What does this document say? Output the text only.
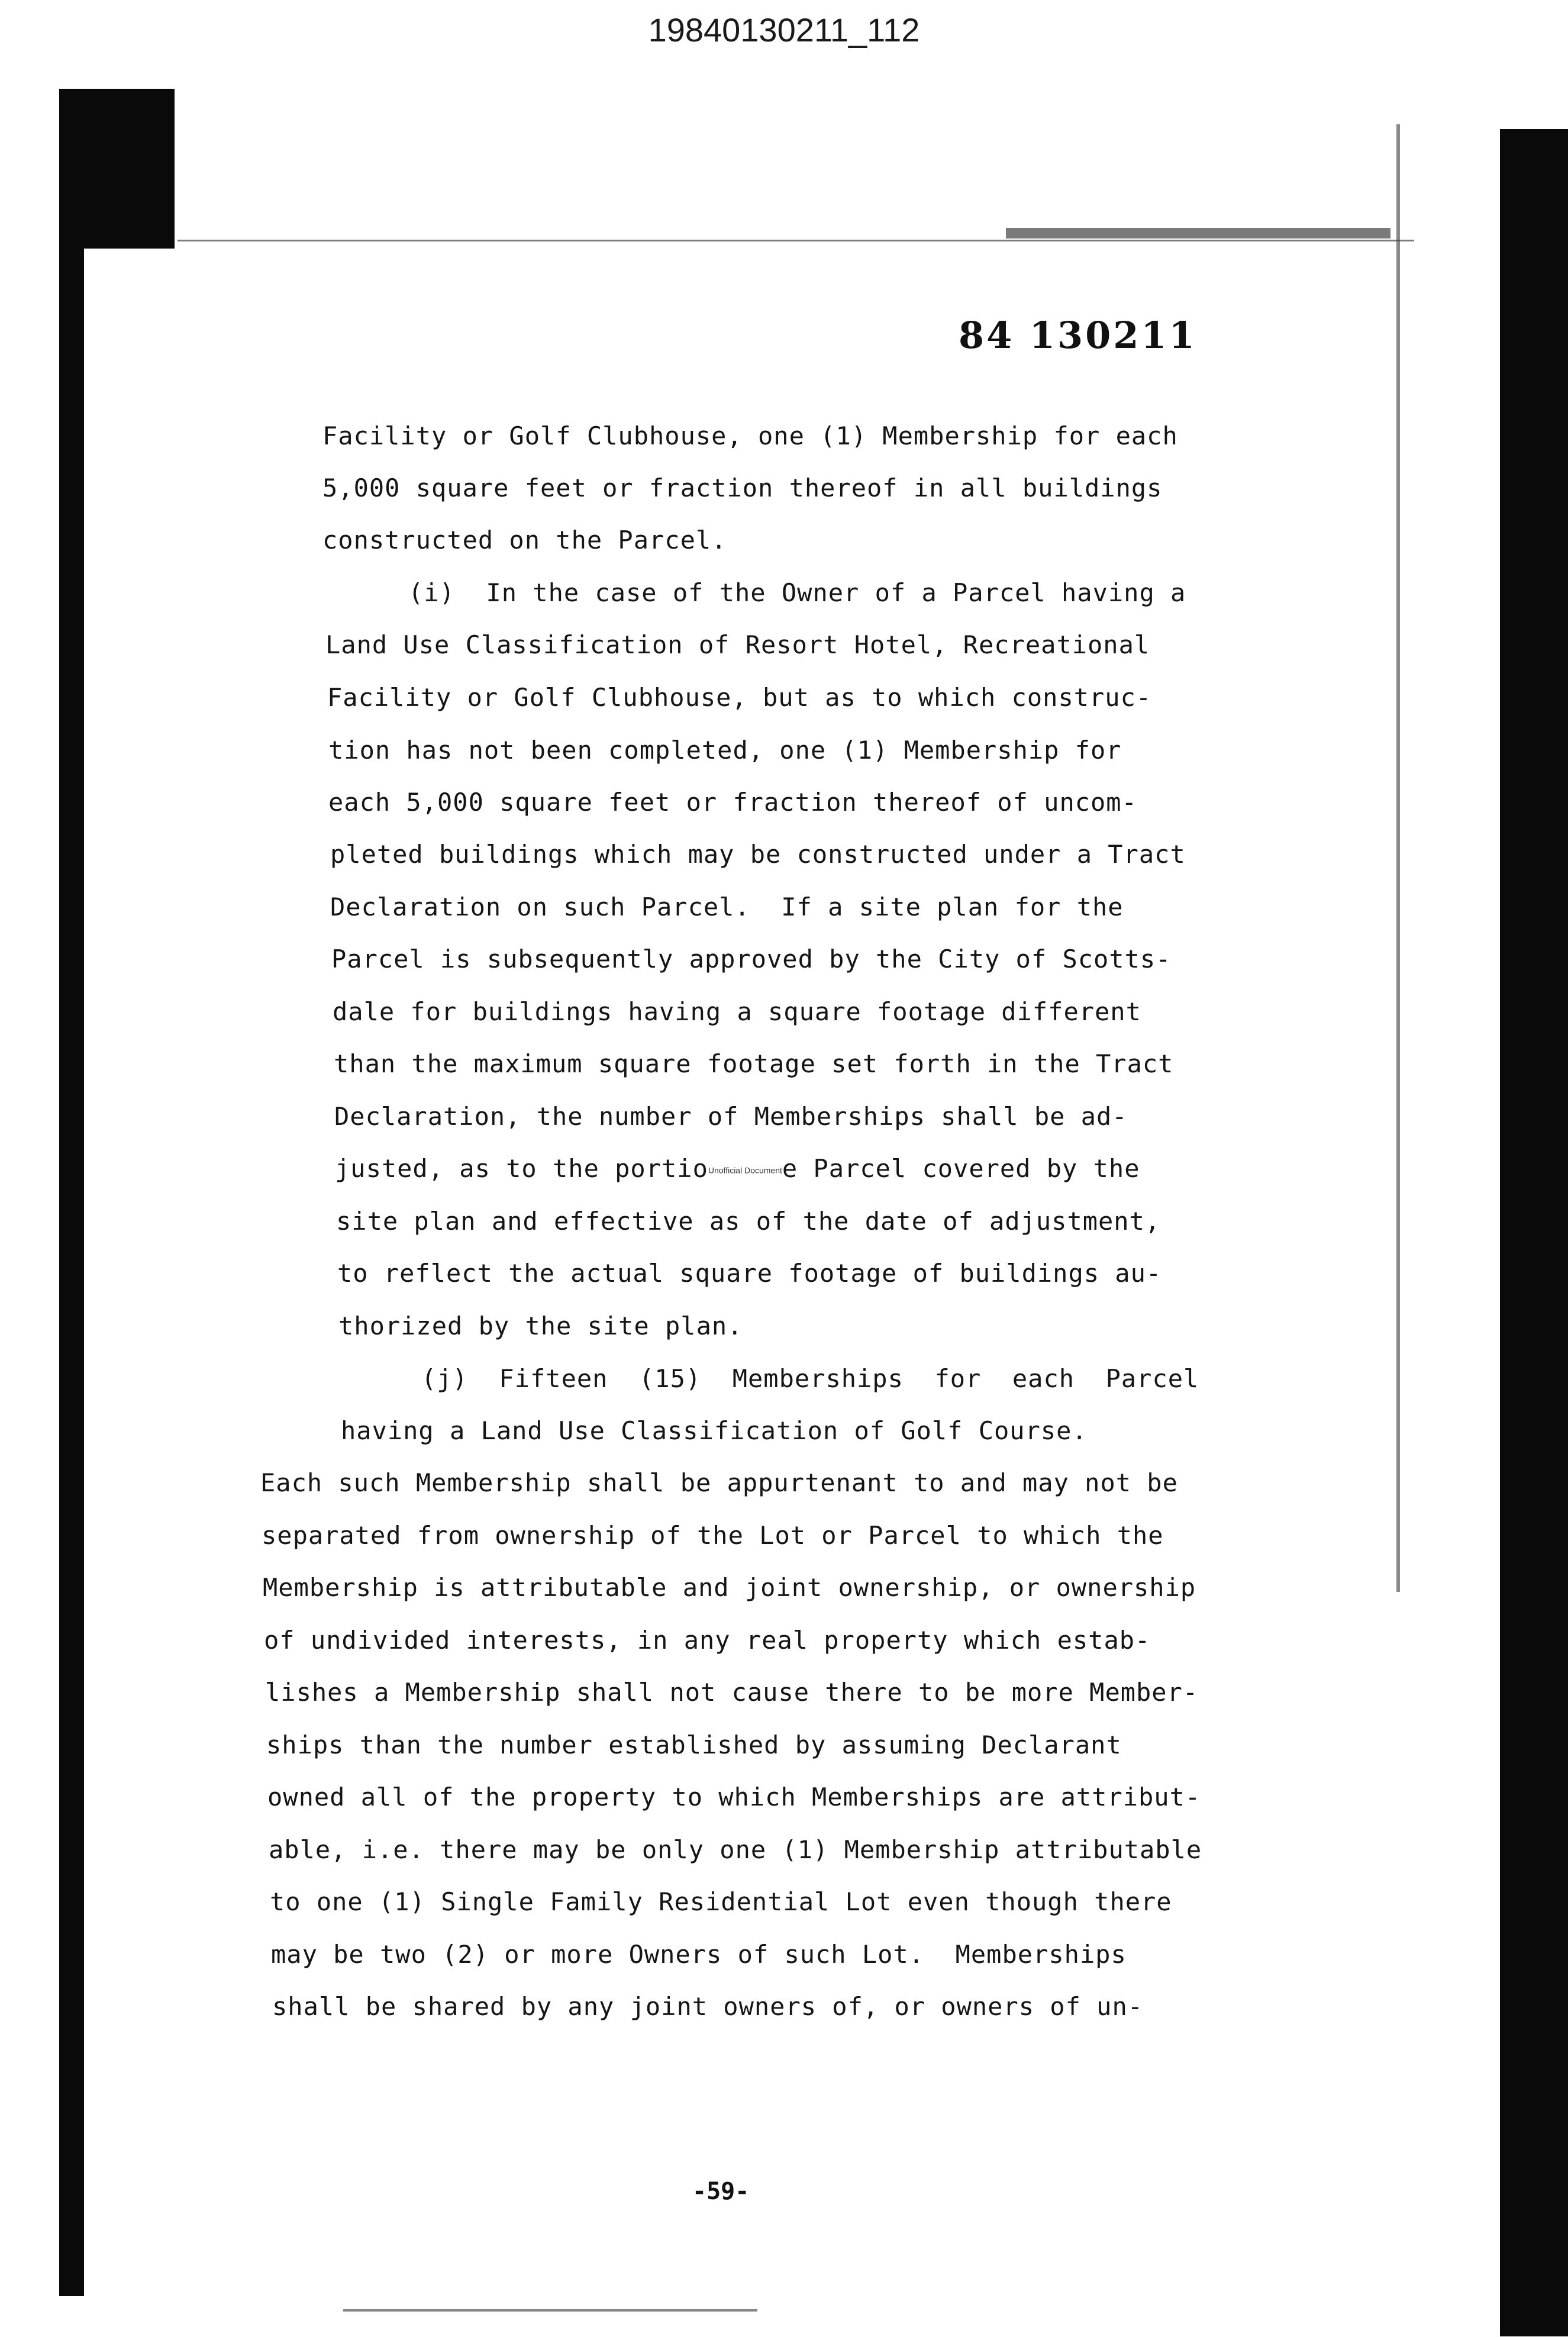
19840130211_112
84 130211
Facility or Golf Clubhouse, one (1) Membership for each
5,000 square feet or fraction thereof in all buildings
constructed on the Parcel.
(i)  In the case of the Owner of a Parcel having a
Land Use Classification of Resort Hotel, Recreational
Facility or Golf Clubhouse, but as to which construc-
tion has not been completed, one (1) Membership for
each 5,000 square feet or fraction thereof of uncom-
pleted buildings which may be constructed under a Tract
Declaration on such Parcel.  If a site plan for the
Parcel is subsequently approved by the City of Scotts-
dale for buildings having a square footage different
than the maximum square footage set forth in the Tract
Declaration, the number of Memberships shall be ad-
justed, as to the portioUnofficial Documente Parcel covered by the
site plan and effective as of the date of adjustment,
to reflect the actual square footage of buildings au-
thorized by the site plan.
(j)  Fifteen  (15)  Memberships  for  each  Parcel
having a Land Use Classification of Golf Course.
Each such Membership shall be appurtenant to and may not be
separated from ownership of the Lot or Parcel to which the
Membership is attributable and joint ownership, or ownership
of undivided interests, in any real property which estab-
lishes a Membership shall not cause there to be more Member-
ships than the number established by assuming Declarant
owned all of the property to which Memberships are attribut-
able, i.e. there may be only one (1) Membership attributable
to one (1) Single Family Residential Lot even though there
may be two (2) or more Owners of such Lot.  Memberships
shall be shared by any joint owners of, or owners of un-
-59-
